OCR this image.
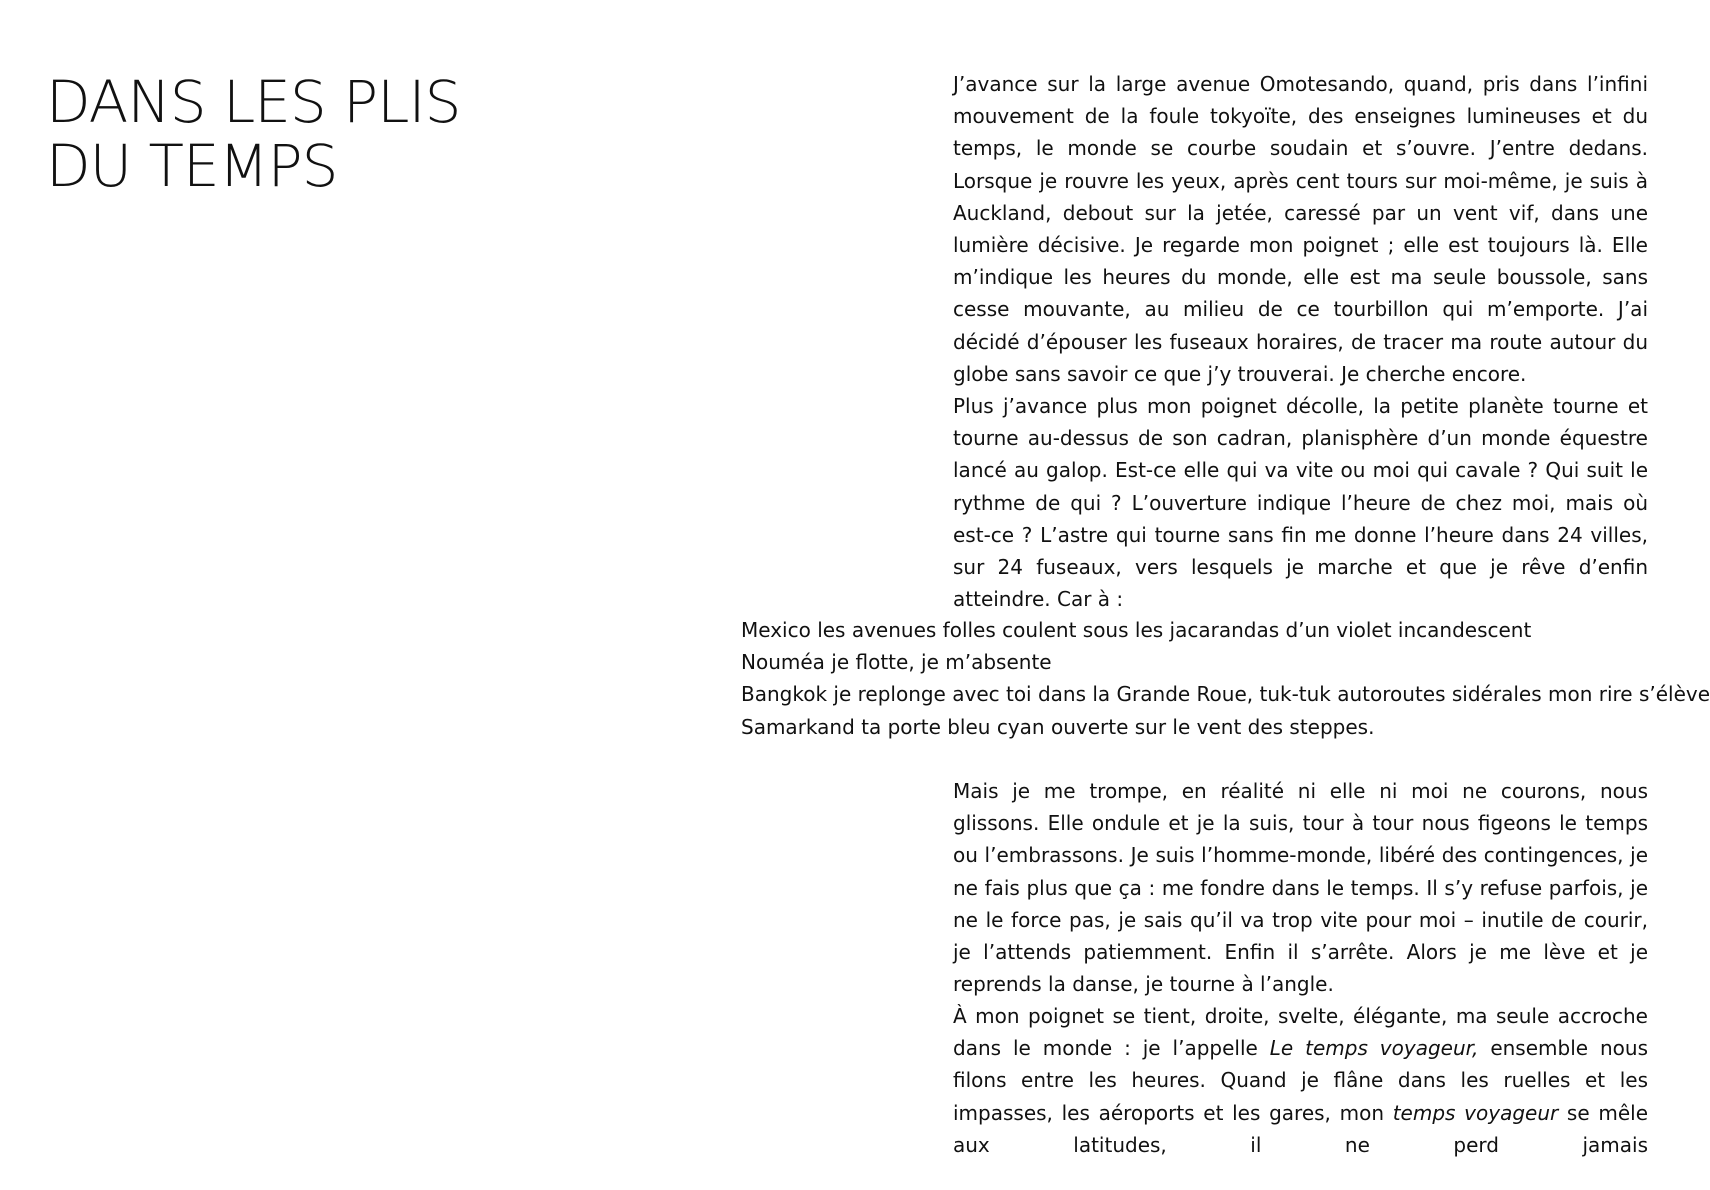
DANS LES PLIS
DU TEMPS

J’avance sur la large avenue Omotesando, quand, pris dans l’infini mouvement de la foule tokyoïte, des enseignes lumineuses et du temps, le monde se courbe soudain et s’ouvre. J’entre dedans. Lorsque je rouvre les yeux, après cent tours sur moi-même, je suis à Auckland, debout sur la jetée, caressé par un vent vif, dans une lumière décisive. Je regarde mon poignet ; elle est toujours là. Elle m’indique les heures du monde, elle est ma seule boussole, sans cesse mouvante, au milieu de ce tourbillon qui m’emporte. J’ai décidé d’épouser les fuseaux horaires, de tracer ma route autour du globe sans savoir ce que j’y trouverai. Je cherche encore.

Plus j’avance plus mon poignet décolle, la petite planète tourne et tourne au-dessus de son cadran, planisphère d’un monde équestre lancé au galop. Est-ce elle qui va vite ou moi qui cavale ? Qui suit le rythme de qui ? L’ouverture indique l’heure de chez moi, mais où est-ce ? L’astre qui tourne sans fin me donne l’heure dans 24 villes, sur 24 fuseaux, vers lesquels je marche et que je rêve d’enfin atteindre. Car à :

Mexico les avenues folles coulent sous les jacarandas d’un violet incandescent
Nouméa je flotte, je m’absente
Bangkok je replonge avec toi dans la Grande Roue, tuk-tuk autoroutes sidérales mon rire s’élève
Samarkand ta porte bleu cyan ouverte sur le vent des steppes.

Mais je me trompe, en réalité ni elle ni moi ne courons, nous glissons. Elle ondule et je la suis, tour à tour nous figeons le temps ou l’embrassons. Je suis l’homme-monde, libéré des contingences, je ne fais plus que ça : me fondre dans le temps. Il s’y refuse parfois, je ne le force pas, je sais qu’il va trop vite pour moi – inutile de courir, je l’attends patiemment. Enfin il s’arrête. Alors je me lève et je reprends la danse, je tourne à l’angle.

À mon poignet se tient, droite, svelte, élégante, ma seule accroche dans le monde : je l’appelle Le temps voyageur, ensemble nous filons entre les heures. Quand je flâne dans les ruelles et les impasses, les aéroports et les gares, mon temps voyageur se mêle aux latitudes, il ne perd jamais
